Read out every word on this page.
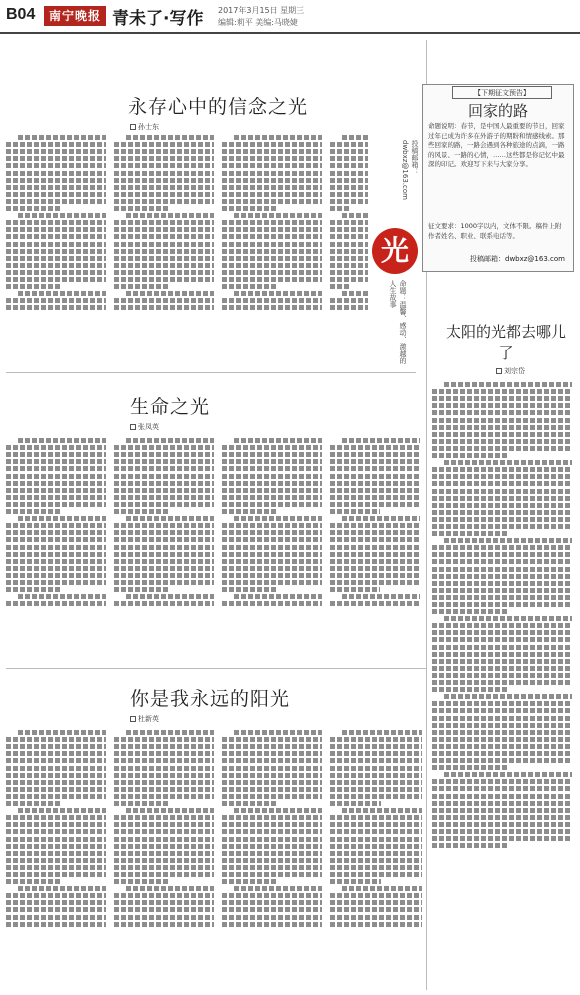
B04	南宁晚报 青未了·写作 2017年3月15日 星期三
编辑:莉平 美编:马晓婕
永存心中的信念之光
孙士东
生命之光
张凤英
你是我永远的阳光
杜新英
光
投稿邮箱：dwbxz@163.com
命题：温馨、感动、激越的人生故事
【下期征文预告】
回家的路
命题说明：春节，是中国人最重要的节日，回家过年已成为许多在外游子的期盼和情感线索。那些回家的路，一路会遇到各种旅途的点滴，一路的风景、一路的心情，……这些都是你记忆中最深的印记。欢迎写下来与大家分享。
征文要求：1000字以内，文体不限。稿件上附作者姓名、职业、联系电话等。
投稿邮箱：dwbxz@163.com
太阳的光都去哪儿了
刘宗岱
